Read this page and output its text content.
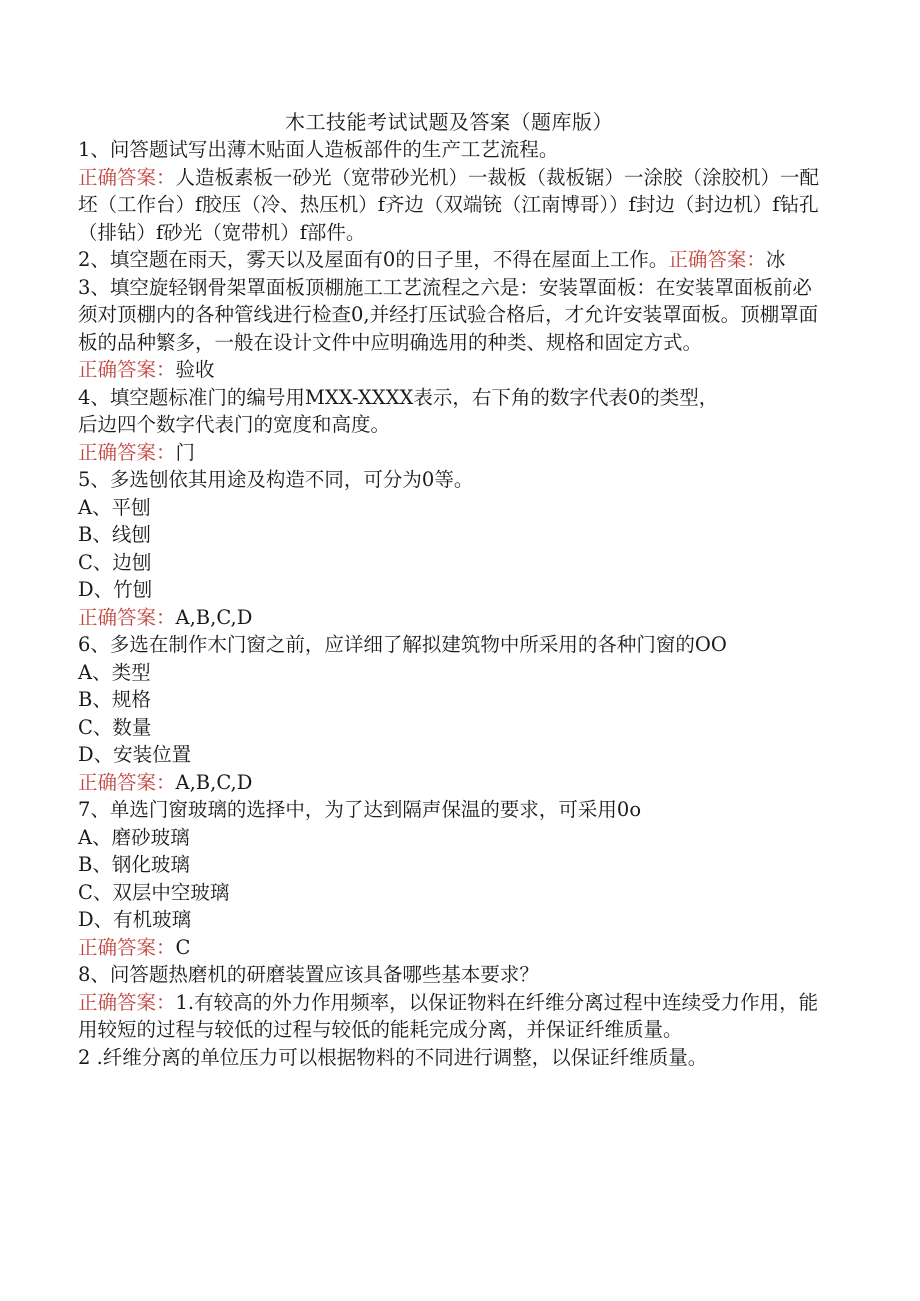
木工技能考试试题及答案（题库版）

1、问答题试写出薄木贴面人造板部件的生产工艺流程。

正确答案：人造板素板一砂光（宽带砂光机）一裁板（裁板锯）一涂胶（涂胶机）一配坯（工作台）f胶压（冷、热压机）f齐边（双端铳（江南博哥））f封边（封边机）f钻孔（排钻）f砂光（宽带机）f部件。

2、填空题在雨天，雾天以及屋面有0的日子里，不得在屋面上工作。正确答案：冰

3、填空旋轻钢骨架罩面板顶棚施工工艺流程之六是：安装罩面板：在安装罩面板前必须对顶棚内的各种管线进行检查0,并经打压试验合格后，才允许安装罩面板。顶棚罩面板的品种繁多，一般在设计文件中应明确选用的种类、规格和固定方式。

正确答案：验收

4、填空题标准门的编号用MXX-XXXX表示，右下角的数字代表0的类型，

后边四个数字代表门的宽度和高度。

正确答案：门

5、多选刨依其用途及构造不同，可分为0等。

A、平刨

B、线刨

C、边刨

D、竹刨

正确答案：A,B,C,D

6、多选在制作木门窗之前，应详细了解拟建筑物中所采用的各种门窗的OO

A、类型

B、规格

C、数量

D、安装位置

正确答案：A,B,C,D

7、单选门窗玻璃的选择中，为了达到隔声保温的要求，可采用0o

A、磨砂玻璃

B、钢化玻璃

C、双层中空玻璃

D、有机玻璃

正确答案：C

8、问答题热磨机的研磨装置应该具备哪些基本要求？

正确答案：1.有较高的外力作用频率，以保证物料在纤维分离过程中连续受力作用，能用较短的过程与较低的过程与较低的能耗完成分离，并保证纤维质量。

2 .纤维分离的单位压力可以根据物料的不同进行调整，以保证纤维质量。
